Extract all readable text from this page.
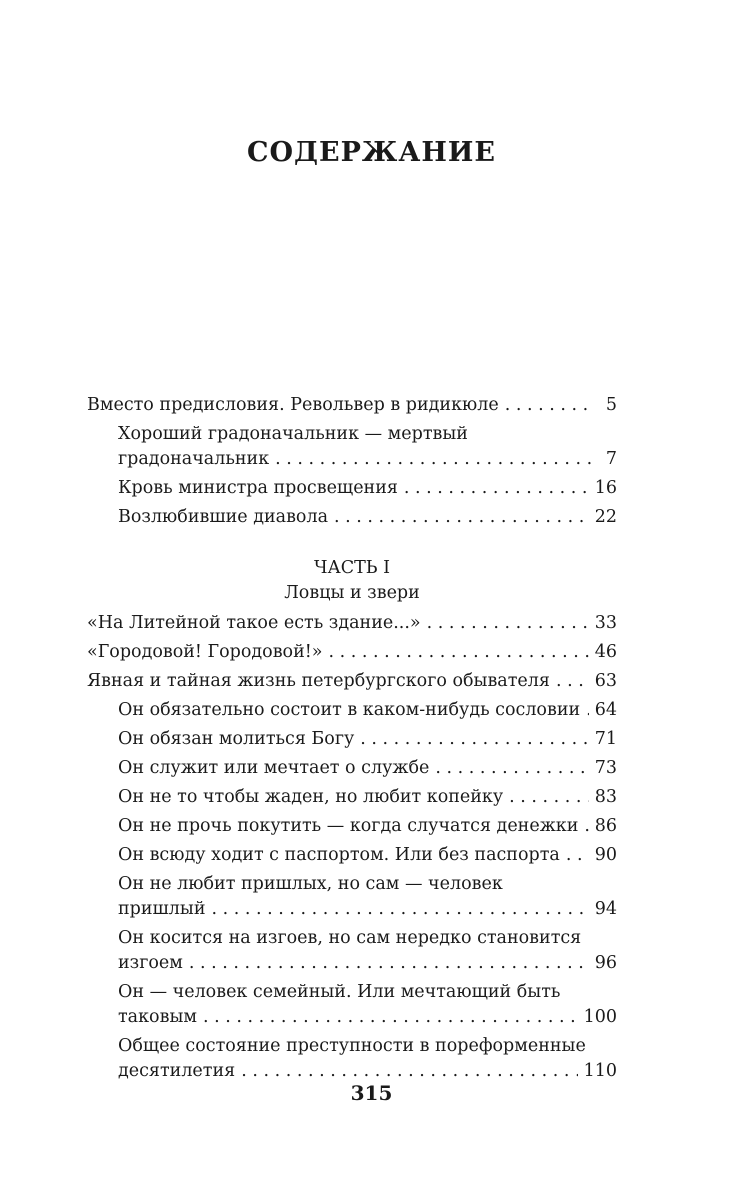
СОДЕРЖАНИЕ
Вместо предисловия. Револьвер в ридикюле . . .	5
Хороший градоначальник — мертвый
градоначальник . . .	7
Кровь министра просвещения . . .	16
Возлюбившие диавола . . .	22
ЧАСТЬ I
Ловцы и звери
«На Литейной такое есть здание...» . . .	33
«Городовой! Городовой!» . . .	46
Явная и тайная жизнь петербургского обывателя . . .	63
Он обязательно состоит в каком-нибудь сословии . . . 64
Он обязан молиться Богу . . .	71
Он служит или мечтает о службе . . .	73
Он не то чтобы жаден, но любит копейку . . .	83
Он не прочь покутить — когда случатся денежки . . . 86
Он всюду ходит с паспортом. Или без паспорта . . . 90
Он не любит пришлых, но сам — человек
пришлый . . .	94
Он косится на изгоев, но сам нередко становится
изгоем . . .	96
Он — человек семейный. Или мечтающий быть
таковым . . .	100
Общее состояние преступности в пореформенные
десятилетия . . .	110
315
